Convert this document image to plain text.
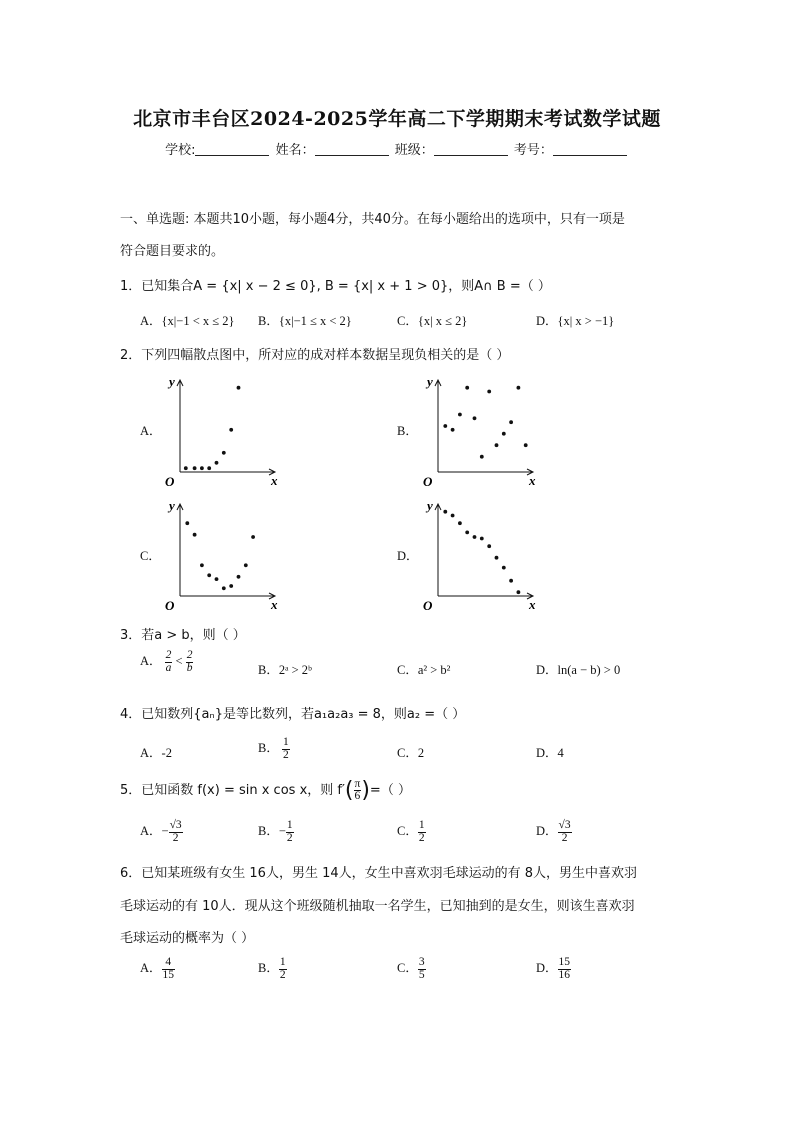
北京市丰台区2024-2025学年高二下学期期末考试数学试题
学校:	姓名：	班级：	考号：
一、单选题: 本题共10小题，每小题4分，共40分。在每小题给出的选项中，只有一项是
符合题目要求的。
1．已知集合A = {x| x − 2 ≤ 0}, B = {x| x + 1 > 0}，则A∩ B =（ ）
A．{x|−1 < x ≤ 2} B．{x|−1 ≤ x < 2}	C．{x| x ≤ 2}	D．{x| x > −1}
2．下列四幅散点图中，所对应的成对样本数据呈现负相关的是（ ）
A．	B．
C．	D．
y
x
O
y
x
O
y
x
O
y
x
O
3．若a > b，则（ ）
A． $\frac{2}{a} < \frac{2}{b}$	B．2ᵃ > 2ᵇ	C．a² > b²	D．ln(a − b) > 0
4．已知数列{aₙ}是等比数列，若a₁a₂a₃ = 8，则a₂ =（ ）
A．-2	B． $\frac{1}{2}$	C．2	D．4
5．已知函数 f(x) = sin x cos x，则 $f'( \frac{\pi}{6}$ )=（ ）
A．− $\frac{√3}{2}$	B．− $\frac{1}{2}$	C． $\frac{1}{2}$	D． $\frac{√3}{2}$
6．已知某班级有女生 16人，男生 14人，女生中喜欢羽毛球运动的有 8人，男生中喜欢羽
毛球运动的有 10人．现从这个班级随机抽取一名学生，已知抽到的是女生，则该生喜欢羽
毛球运动的概率为（ ）
A． $\frac{4}{15}$	B． $\frac{1}{2}$	C． $\frac{3}{5}$	D． $\frac{15}{16}$
